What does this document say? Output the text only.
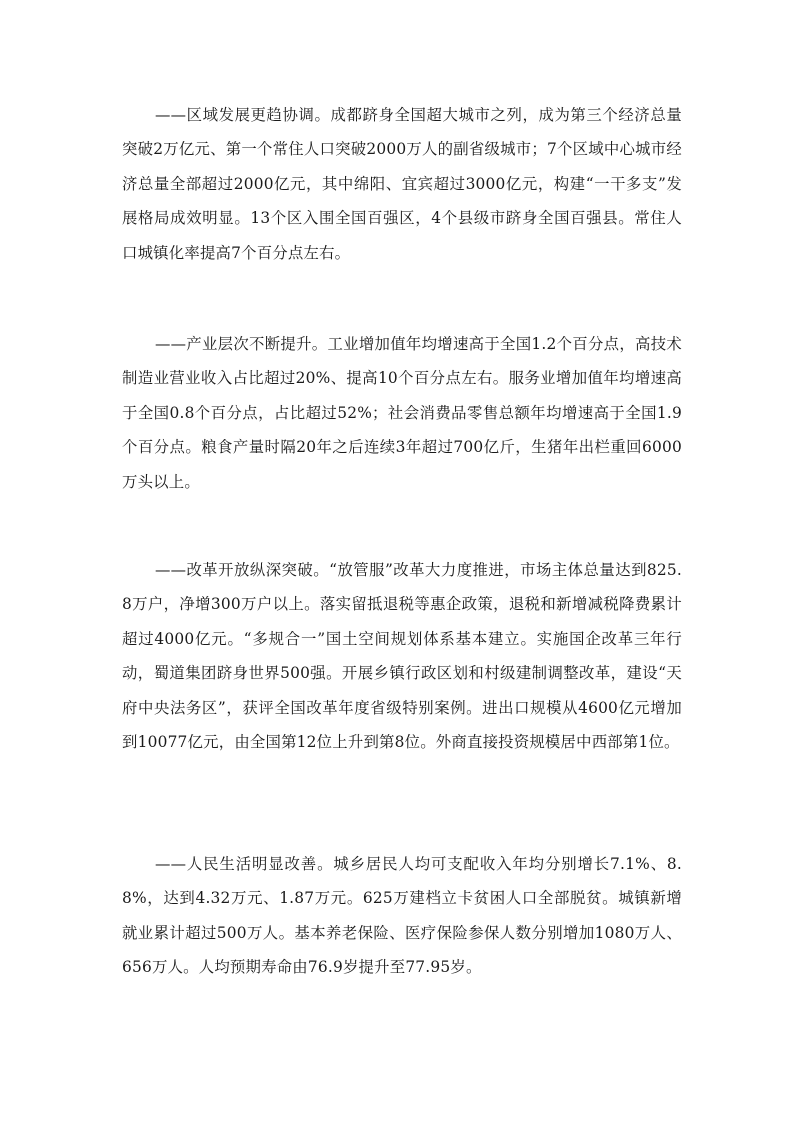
——区域发展更趋协调。成都跻身全国超大城市之列，成为第三个经济总量突破2万亿元、第一个常住人口突破2000万人的副省级城市；7个区域中心城市经济总量全部超过2000亿元，其中绵阳、宜宾超过3000亿元，构建“一干多支”发展格局成效明显。13个区入围全国百强区，4个县级市跻身全国百强县。常住人口城镇化率提高7个百分点左右。

——产业层次不断提升。工业增加值年均增速高于全国1.2个百分点，高技术制造业营业收入占比超过20%、提高10个百分点左右。服务业增加值年均增速高于全国0.8个百分点，占比超过52%；社会消费品零售总额年均增速高于全国1.9个百分点。粮食产量时隔20年之后连续3年超过700亿斤，生猪年出栏重回6000万头以上。

——改革开放纵深突破。“放管服”改革大力度推进，市场主体总量达到825.8万户，净增300万户以上。落实留抵退税等惠企政策，退税和新增减税降费累计超过4000亿元。“多规合一”国土空间规划体系基本建立。实施国企改革三年行动，蜀道集团跻身世界500强。开展乡镇行政区划和村级建制调整改革，建设“天府中央法务区”，获评全国改革年度省级特别案例。进出口规模从4600亿元增加到10077亿元，由全国第12位上升到第8位。外商直接投资规模居中西部第1位。

——人民生活明显改善。城乡居民人均可支配收入年均分别增长7.1%、8.8%，达到4.32万元、1.87万元。625万建档立卡贫困人口全部脱贫。城镇新增就业累计超过500万人。基本养老保险、医疗保险参保人数分别增加1080万人、656万人。人均预期寿命由76.9岁提升至77.95岁。
